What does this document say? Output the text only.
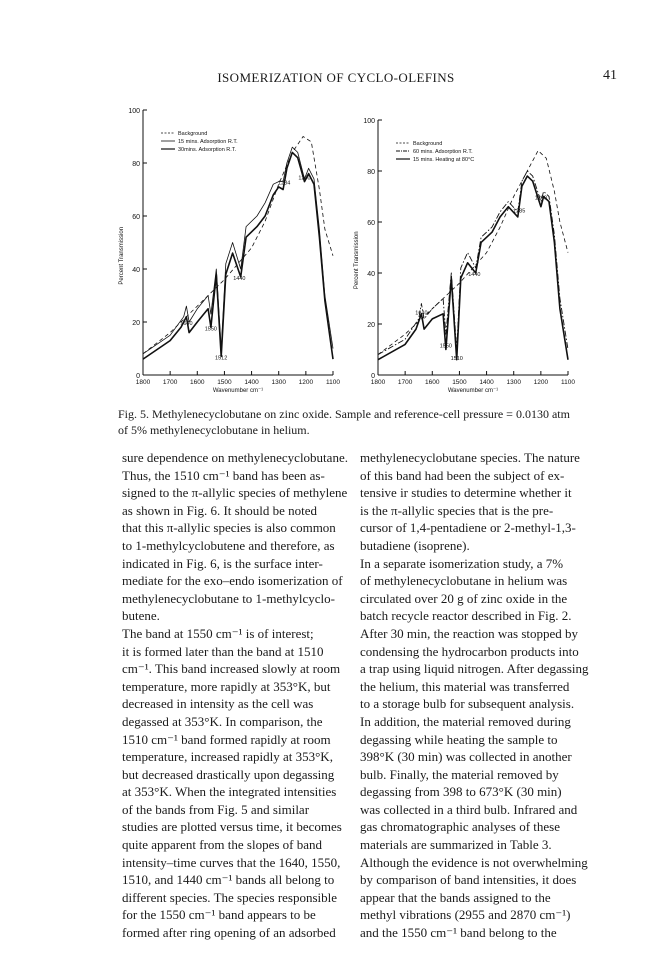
ISOMERIZATION OF CYCLO-OLEFINS	41
0
20
40
60
80
100
1800 1700 1600 1500 1400 1300 1200 1100
Wavenumber cm⁻¹
Percent Transmission
Background
15 mins. Adsorption R.T.
30mins. Adsorption R.T.
1284
1200
1440
1640
1550
1512
0
20
40
60
80
100
1800 1700 1600 1500 1400 1300 1200 1100
Wavenumber cm⁻¹
Percent Transmission
Background
60 mins. Adsorption R.T.
15 mins. Heating at 80°C
1200
1285
1440
1640
1550
1510
Fig. 5. Methylenecyclobutane on zinc oxide. Sample and reference-cell pressure = 0.0130 atm
of 5% methylenecyclobutane in helium.
sure dependence on methylenecyclobutane.
Thus, the 1510 cm⁻¹ band has been as-
signed to the π-allylic species of methylene
as shown in Fig. 6. It should be noted
that this π-allylic species is also common
to 1-methylcyclobutene and therefore, as
indicated in Fig. 6, is the surface inter-
mediate for the exo–endo isomerization of
methylenecyclobutane to 1-methylcyclo-
butene.
The band at 1550 cm⁻¹ is of interest;
it is formed later than the band at 1510
cm⁻¹. This band increased slowly at room
temperature, more rapidly at 353°K, but
decreased in intensity as the cell was
degassed at 353°K. In comparison, the
1510 cm⁻¹ band formed rapidly at room
temperature, increased rapidly at 353°K,
but decreased drastically upon degassing
at 353°K. When the integrated intensities
of the bands from Fig. 5 and similar
studies are plotted versus time, it becomes
quite apparent from the slopes of band
intensity–time curves that the 1640, 1550,
1510, and 1440 cm⁻¹ bands all belong to
different species. The species responsible
for the 1550 cm⁻¹ band appears to be
formed after ring opening of an adsorbed
methylenecyclobutane species. The nature
of this band had been the subject of ex-
tensive ir studies to determine whether it
is the π-allylic species that is the pre-
cursor of 1,4-pentadiene or 2-methyl-1,3-
butadiene (isoprene).
In a separate isomerization study, a 7%
of methylenecyclobutane in helium was
circulated over 20 g of zinc oxide in the
batch recycle reactor described in Fig. 2.
After 30 min, the reaction was stopped by
condensing the hydrocarbon products into
a trap using liquid nitrogen. After degassing
the helium, this material was transferred
to a storage bulb for subsequent analysis.
In addition, the material removed during
degassing while heating the sample to
398°K (30 min) was collected in another
bulb. Finally, the material removed by
degassing from 398 to 673°K (30 min)
was collected in a third bulb. Infrared and
gas chromatographic analyses of these
materials are summarized in Table 3.
Although the evidence is not overwhelming
by comparison of band intensities, it does
appear that the bands assigned to the
methyl vibrations (2955 and 2870 cm⁻¹)
and the 1550 cm⁻¹ band belong to the
